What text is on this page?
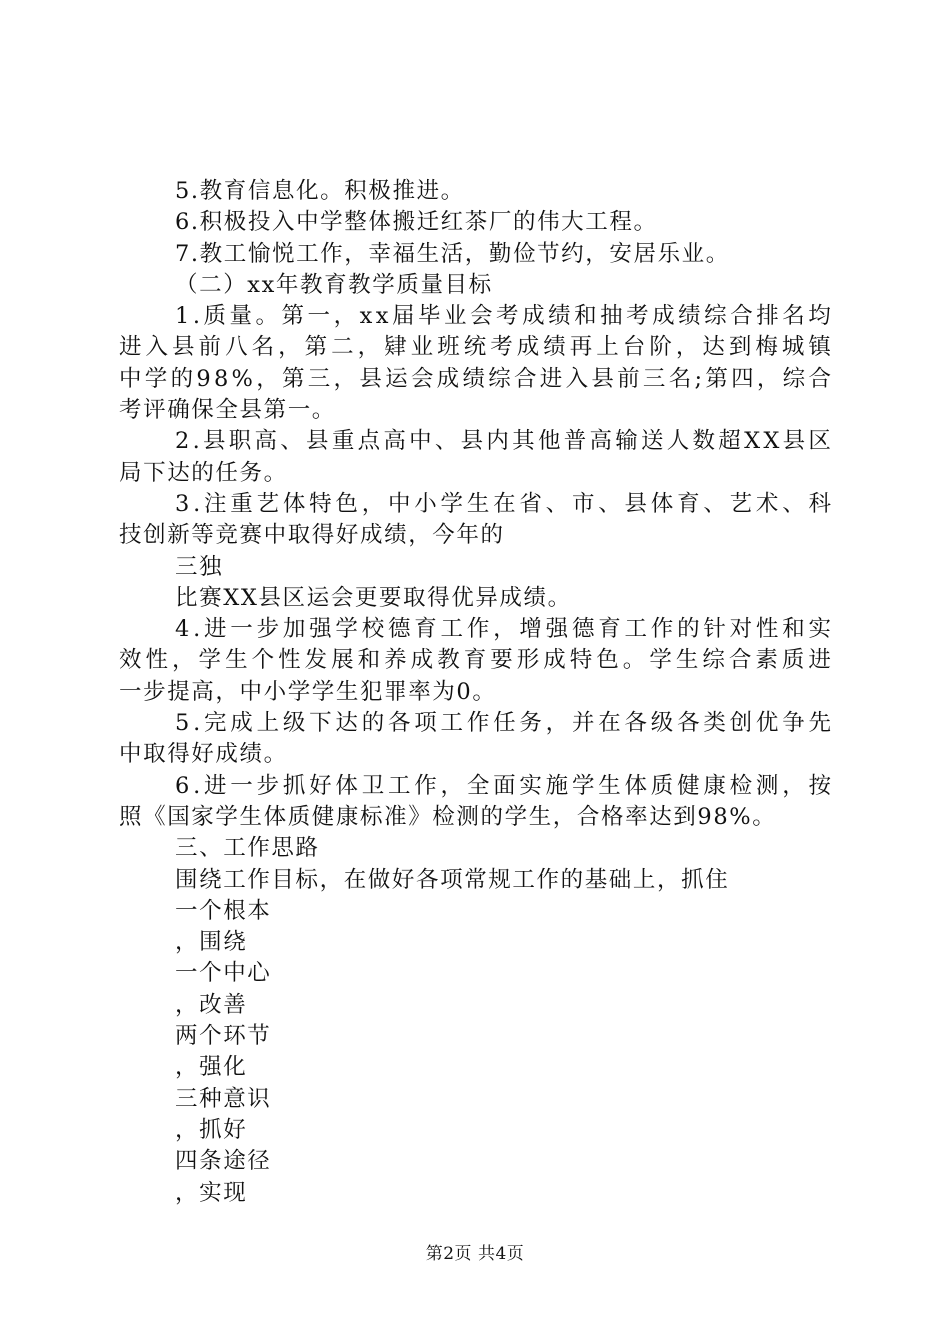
5.教育信息化。积极推进。
6.积极投入中学整体搬迁红茶厂的伟大工程。
7.教工愉悦工作，幸福生活，勤俭节约，安居乐业。
（二）xx年教育教学质量目标
1 . 质 量 。 第 一 ， x x 届 毕 业 会 考 成 绩 和 抽 考 成 绩 综 合 排 名 均
进 入 县 前 八 名 ， 第 二 ， 肄 业 班 统 考 成 绩 再 上 台 阶 ， 达 到 梅 城 镇
中 学 的 9 8 % ， 第 三 ， 县 运 会 成 绩 综 合 进 入 县 前 三 名 ; 第 四 ， 综 合
考评确保全县第一。
2 . 县 职 高 、 县 重 点 高 中 、 县 内 其 他 普 高 输 送 人 数 超 X X 县 区
局下达的任务。
3 . 注 重 艺 体 特 色 ， 中 小 学 生 在 省 、 市 、 县 体 育 、 艺 术 、 科
技创新等竞赛中取得好成绩，今年的
三独
比赛XX县区运会更要取得优异成绩。
4 . 进 一 步 加 强 学 校 德 育 工 作 ， 增 强 德 育 工 作 的 针 对 性 和 实
效 性 ， 学 生 个 性 发 展 和 养 成 教 育 要 形 成 特 色 。 学 生 综 合 素 质 进
一步提高，中小学学生犯罪率为0。
5 . 完 成 上 级 下 达 的 各 项 工 作 任 务 ， 并 在 各 级 各 类 创 优 争 先
中取得好成绩。
6 . 进 一 步 抓 好 体 卫 工 作 ， 全 面 实 施 学 生 体 质 健 康 检 测 ， 按
照《国家学生体质健康标准》检测的学生，合格率达到98%。
三、工作思路
围绕工作目标，在做好各项常规工作的基础上，抓住
一个根本
，围绕
一个中心
，改善
两个环节
，强化
三种意识
，抓好
四条途径
，实现
第2页 共4页
